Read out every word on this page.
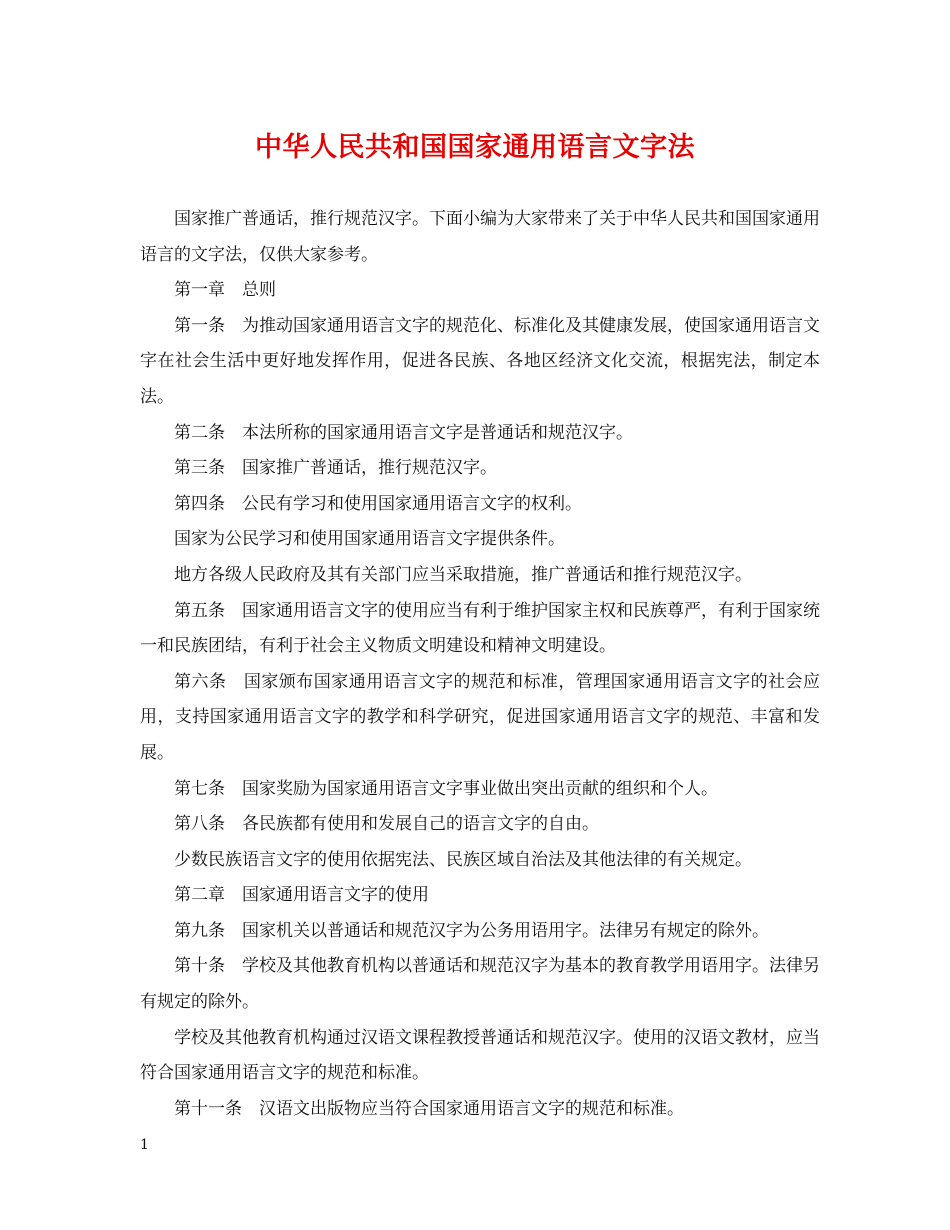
中华人民共和国国家通用语言文字法

国家推广普通话，推行规范汉字。下面小编为大家带来了关于中华人民共和国国家通用语言的文字法，仅供大家参考。

第一章　总则

第一条　为推动国家通用语言文字的规范化、标准化及其健康发展，使国家通用语言文字在社会生活中更好地发挥作用，促进各民族、各地区经济文化交流，根据宪法，制定本法。

第二条　本法所称的国家通用语言文字是普通话和规范汉字。

第三条　国家推广普通话，推行规范汉字。

第四条　公民有学习和使用国家通用语言文字的权利。

国家为公民学习和使用国家通用语言文字提供条件。

地方各级人民政府及其有关部门应当采取措施，推广普通话和推行规范汉字。

第五条　国家通用语言文字的使用应当有利于维护国家主权和民族尊严，有利于国家统一和民族团结，有利于社会主义物质文明建设和精神文明建设。

第六条　国家颁布国家通用语言文字的规范和标准，管理国家通用语言文字的社会应用，支持国家通用语言文字的教学和科学研究，促进国家通用语言文字的规范、丰富和发展。

第七条　国家奖励为国家通用语言文字事业做出突出贡献的组织和个人。

第八条　各民族都有使用和发展自己的语言文字的自由。

少数民族语言文字的使用依据宪法、民族区域自治法及其他法律的有关规定。

第二章　国家通用语言文字的使用

第九条　国家机关以普通话和规范汉字为公务用语用字。法律另有规定的除外。

第十条　学校及其他教育机构以普通话和规范汉字为基本的教育教学用语用字。法律另有规定的除外。

学校及其他教育机构通过汉语文课程教授普通话和规范汉字。使用的汉语文教材，应当符合国家通用语言文字的规范和标准。

第十一条　汉语文出版物应当符合国家通用语言文字的规范和标准。

1
